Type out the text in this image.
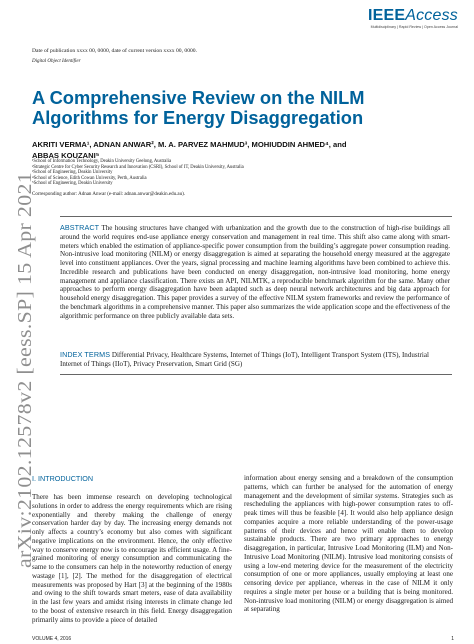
IEEEAccess
Multidisciplinary | Rapid Review | Open Access Journal
Date of publication xxxx 00, 0000, date of current version xxxx 00, 0000.
Digital Object Identifier
arXiv:2102.12578v2 [eess.SP] 15 Apr 2021
A Comprehensive Review on the NILM
Algorithms for Energy Disaggregation

AKRITI VERMA¹, ADNAN ANWAR², M. A. PARVEZ MAHMUD³, MOHIUDDIN AHMED⁴, and
ABBAS KOUZANI⁵

¹School of Information Technology, Deakin University Geelong, Australia
²Strategic Centre for Cyber Security Research and Innovation (CSRI), School of IT, Deakin University, Australia
³School of Engineering, Deakin University
⁴School of Science, Edith Cowan University, Perth, Australia
⁵School of Engineering, Deakin University
Corresponding author: Adnan Anwar (e-mail: adnan.anwar@deakin.edu.au).

ABSTRACT The housing structures have changed with urbanization and the growth due to the construction of high-rise buildings all around the world requires end-use appliance energy conservation and management in real time. This shift also came along with smart-meters which enabled the estimation of appliance-specific power consumption from the building’s aggregate power consumption reading. Non-intrusive load monitoring (NILM) or energy disaggregation is aimed at separating the household energy measured at the aggregate level into constituent appliances. Over the years, signal processing and machine learning algorithms have been combined to achieve this. Incredible research and publications have been conducted on energy disaggregation, non-intrusive load monitoring, home energy management and appliance classification. There exists an API, NILMTK, a reproducible benchmark algorithm for the same. Many other approaches to perform energy disaggregation have been adapted such as deep neural network architectures and big data approach for household energy disaggregation. This paper provides a survey of the effective NILM system frameworks and review the performance of the benchmark algorithms in a comprehensive manner. This paper also summarizes the wide application scope and the effectiveness of the algorithmic performance on three publicly available data sets.

INDEX TERMS Differential Privacy, Healthcare Systems, Internet of Things (IoT), Intelligent Transport System (ITS), Industrial Internet of Things (IIoT), Privacy Preservation, Smart Grid (SG)

I. INTRODUCTION

There has been immense research on developing technological solutions in order to address the energy requirements which are rising exponentially and thereby making the challenge of energy conservation harder day by day. The increasing energy demands not only affects a country’s economy but also comes with significant negative implications on the environment. Hence, the only effective way to conserve energy now is to encourage its efficient usage. A fine-grained monitoring of energy consumption and communicating the same to the consumers can help in the noteworthy reduction of energy wastage [1], [2]. The method for the disaggregation of electrical measurements was proposed by Hart [3] at the beginning of the 1980s and owing to the shift towards smart meters, ease of data availability in the last few years and amidst rising interests in climate change led to the boost of extensive research in this field. Energy disaggregation primarily aims to provide a piece of detailed

information about energy sensing and a breakdown of the consumption patterns, which can further be analysed for the automation of energy management and the development of similar systems. Strategies such as rescheduling the appliances with high-power consumption rates to off-peak times will thus be feasible [4]. It would also help appliance design companies acquire a more reliable understanding of the power-usage patterns of their devices and hence will enable them to develop sustainable products. There are two primary approaches to energy disaggregation, in particular, Intrusive Load Monitoring (ILM) and Non-Intrusive Load Monitoring (NILM). Intrusive load monitoring consists of using a low-end metering device for the measurement of the electricity consumption of one or more appliances, usually employing at least one censoring device per appliance, whereas in the case of NILM it only requires a single meter per house or a building that is being monitored. Non-intrusive load monitoring (NILM) or energy disaggregation is aimed at separating

VOLUME 4, 2016	1
